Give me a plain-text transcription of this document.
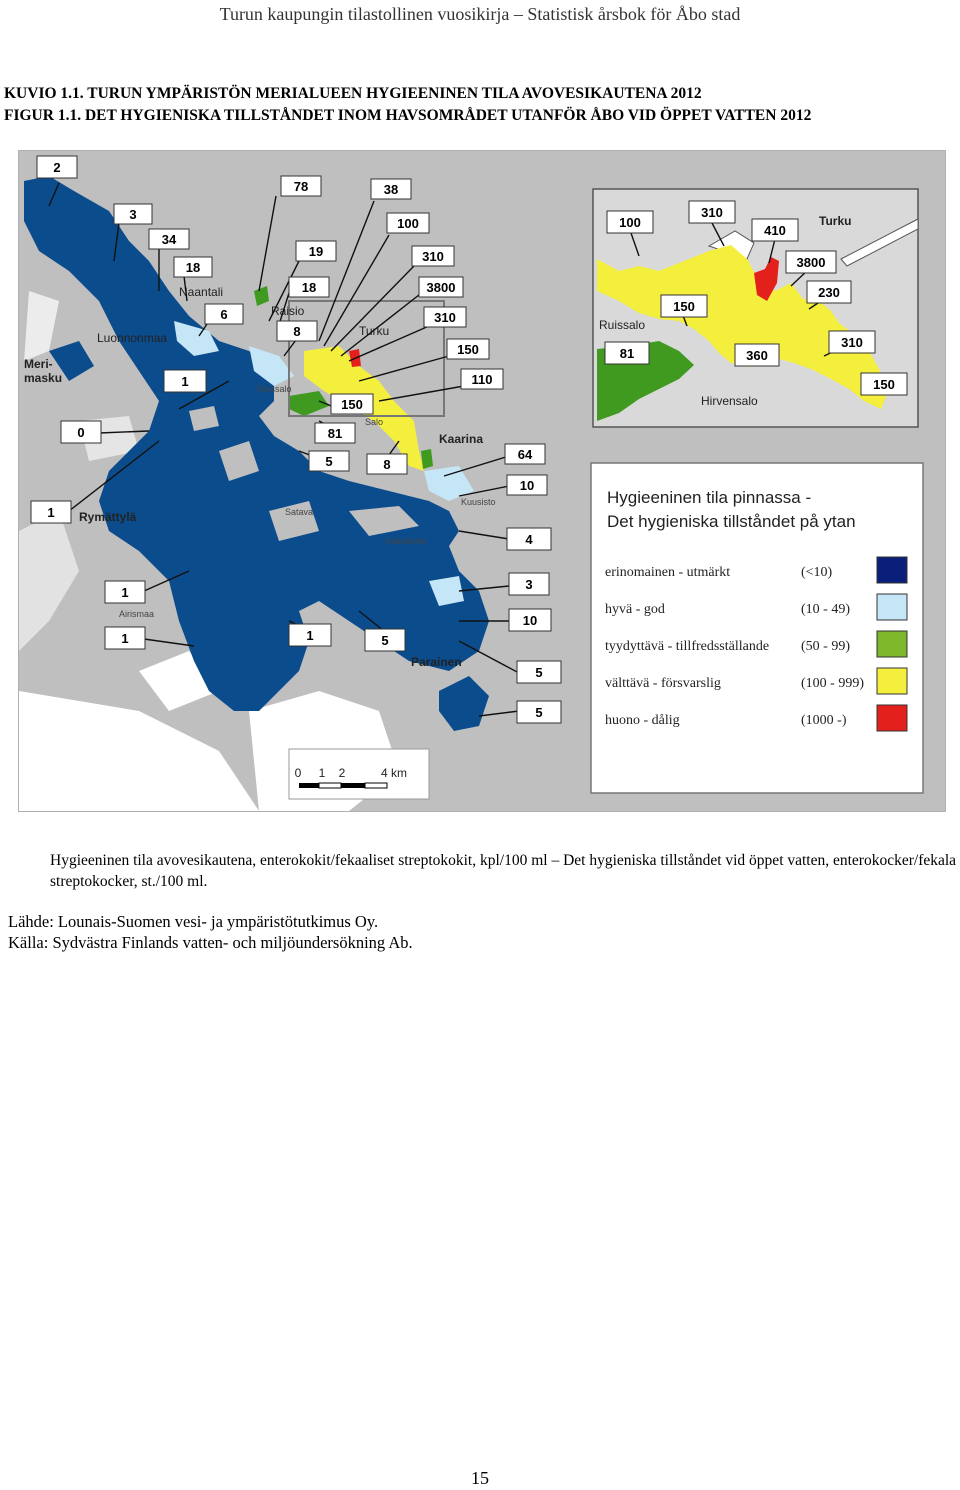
Turun kaupungin tilastollinen vuosikirja – Statistisk årsbok för Åbo stad
KUVIO 1.1. TURUN YMPÄRISTÖN MERIALUEEN HYGIEENINEN TILA AVOVESIKAUTENA 2012
FIGUR 1.1. DET HYGIENISKA TILLSTÅNDET INOM HAVSOMRÅDET UTANFÖR ÅBO VID ÖPPET VATTEN 2012
Naantali
Luonnonmaa
Meri-
masku
Raisio
Turku
Ruissalo
Salo
Kaarina
Kuusisto
Satava
Kakskerta
Rymättylä
Airismaa
Parainen
2
3
34
18
6
78
19
18
8
38
100
310
3800
310
150
110
150
81
5	8
64
10
0
1
1
1
1	1	5
4
3
10
5
5
0 1 2	4 km
100
310
410
3800
230
150
81	360
310
150
Turku
Ruissalo
Hirvensalo
Hygieeninen tila pinnassa -
Det hygieniska tillståndet på ytan
erinomainen - utmärkt	(<10)
hyvä - god	(10 - 49)
tyydyttävä - tillfredsställande (50 - 99)
välttävä - försvarslig	(100 - 999)
huono - dålig	(1000 -)
Hygieeninen tila avovesikautena, enterokokit/fekaaliset streptokokit, kpl/100 ml – Det hygieniska tillståndet vid öppet vatten, enterokocker/fekala streptokocker, st./100 ml.
Lähde: Lounais-Suomen vesi- ja ympäristötutkimus Oy.
Källa: Sydvästra Finlands vatten- och miljöundersökning Ab.
15
